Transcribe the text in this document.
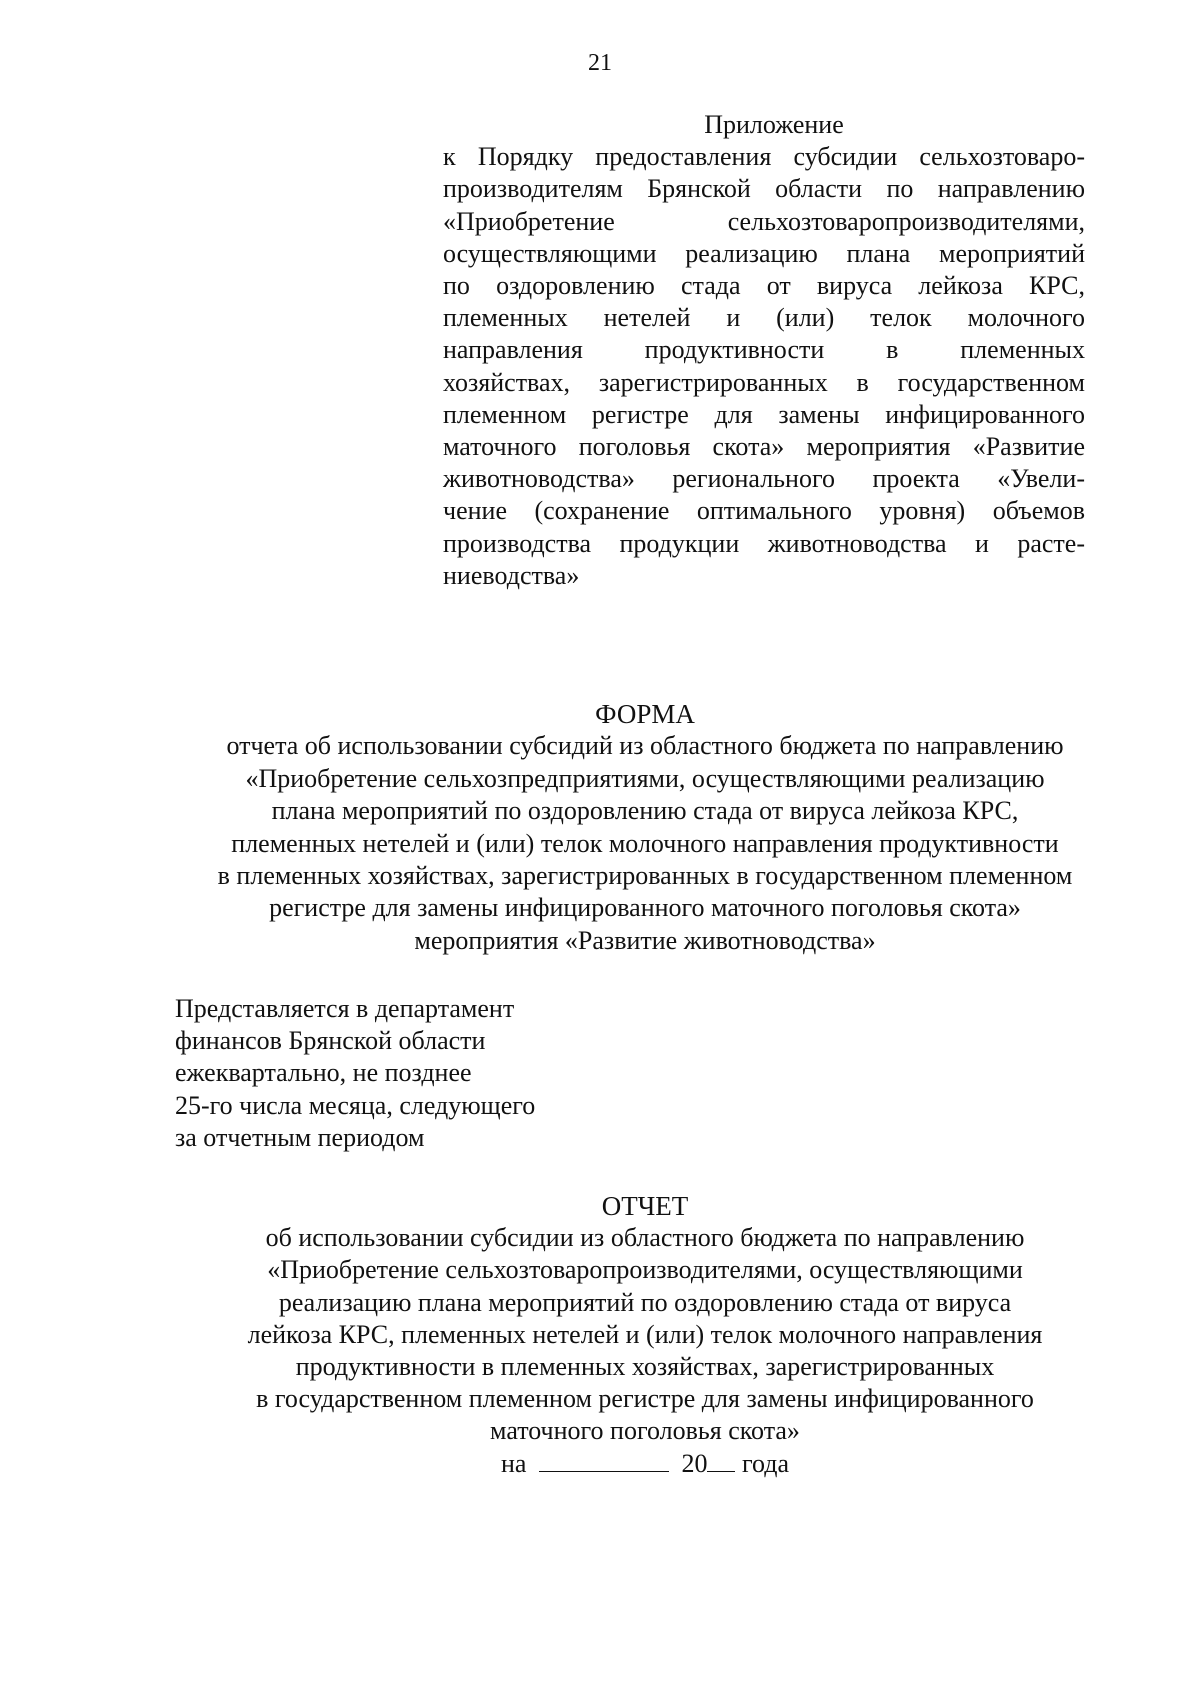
21
Приложение
к Порядку предоставления субсидии сельхозтоваро-
производителям Брянской области по направлению
«Приобретение сельхозтоваропроизводителями,
осуществляющими реализацию плана мероприятий
по оздоровлению стада от вируса лейкоза КРС,
племенных нетелей и (или) телок молочного
направления продуктивности в племенных
хозяйствах, зарегистрированных в государственном
племенном регистре для замены инфицированного
маточного поголовья скота» мероприятия «Развитие
животноводства» регионального проекта «Увели-
чение (сохранение оптимального уровня) объемов
производства продукции животноводства и расте-
ниеводства»
ФОРМА
отчета об использовании субсидий из областного бюджета по направлению
«Приобретение сельхозпредприятиями, осуществляющими реализацию
плана мероприятий по оздоровлению стада от вируса лейкоза КРС,
племенных нетелей и (или) телок молочного направления продуктивности
в племенных хозяйствах, зарегистрированных в государственном племенном
регистре для замены инфицированного маточного поголовья скота»
мероприятия «Развитие животноводства»
Представляется в департамент
финансов Брянской области
ежеквартально, не позднее
25-го числа месяца, следующего
за отчетным периодом
ОТЧЕТ
об использовании субсидии из областного бюджета по направлению
«Приобретение сельхозтоваропроизводителями, осуществляющими
реализацию плана мероприятий по оздоровлению стада от вируса
лейкоза КРС, племенных нетелей и (или) телок молочного направления
продуктивности в племенных хозяйствах, зарегистрированных
в государственном племенном регистре для замены инфицированного
маточного поголовья скота»
на	20 года
